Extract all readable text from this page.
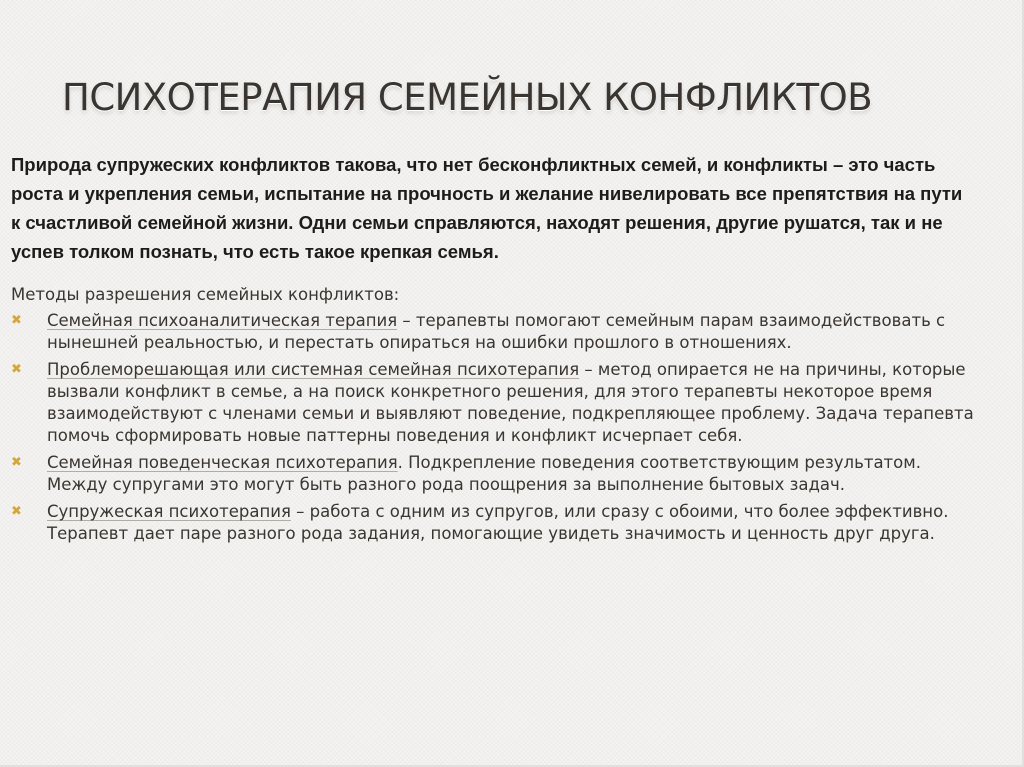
ПСИХОТЕРАПИЯ СЕМЕЙНЫХ КОНФЛИКТОВ

Природа супружеских конфликтов такова, что нет бесконфликтных семей, и конфликты – это часть роста и укрепления семьи, испытание на прочность и желание нивелировать все препятствия на пути к счастливой семейной жизни. Одни семьи справляются, находят решения, другие рушатся, так и не успев толком познать, что есть такое крепкая семья.

Методы разрешения семейных конфликтов:

✖ Семейная психоаналитическая терапия – терапевты помогают семейным парам взаимодействовать с нынешней реальностью, и перестать опираться на ошибки прошлого в отношениях.
✖ Проблеморешающая или системная семейная психотерапия – метод опирается не на причины, которые вызвали конфликт в семье, а на поиск конкретного решения, для этого терапевты некоторое время взаимодействуют с членами семьи и выявляют поведение, подкрепляющее проблему. Задача терапевта помочь сформировать новые паттерны поведения и конфликт исчерпает себя.
✖ Семейная поведенческая психотерапия. Подкрепление поведения соответствующим результатом. Между супругами это могут быть разного рода поощрения за выполнение бытовых задач.
✖ Супружеская психотерапия – работа с одним из супругов, или сразу с обоими, что более эффективно. Терапевт дает паре разного рода задания, помогающие увидеть значимость и ценность друг друга.
